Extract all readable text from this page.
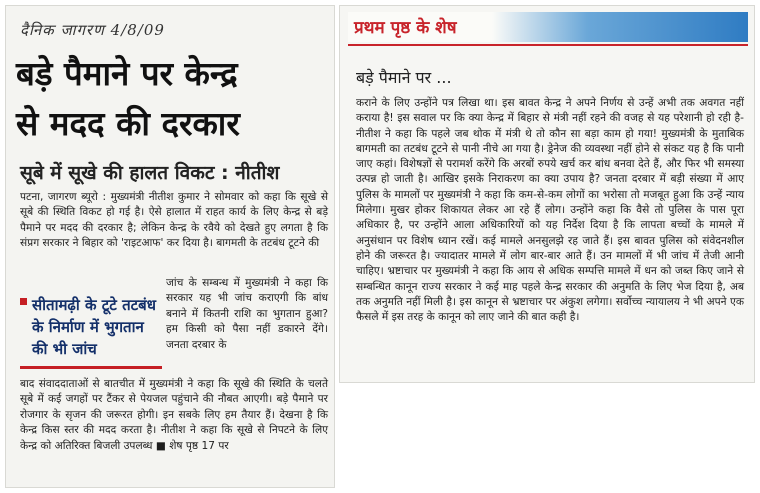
दैनिक जागरण 4/8/09
बड़े पैमाने पर केन्द्र
से मदद की दरकार
सूबे में सूखे की हालत विकट : नीतीश
पटना, जागरण ब्यूरो : मुख्यमंत्री नीतीश कुमार ने सोमवार को कहा कि सूखे से सूबे की स्थिति विकट हो गई है। ऐसे हालात में राहत कार्य के लिए केन्द्र से बड़े पैमाने पर मदद की दरकार है; लेकिन केन्द्र के रवैये को देखते हुए लगता है कि संप्रग सरकार ने बिहार को 'राइटआफ' कर दिया है। बागमती के तटबंध टूटने की
सीतामढ़ी के टूटे तटबंध के निर्माण में भुगतान की भी जांच
जांच के सम्बन्ध में मुख्यमंत्री ने कहा कि सरकार यह भी जांच कराएगी कि बांध बनाने में कितनी राशि का भुगतान हुआ? हम किसी को पैसा नहीं डकारने देंगे। जनता दरबार के
बाद संवाददाताओं से बातचीत में मुख्यमंत्री ने कहा कि सूखे की स्थिति के चलते सूबे में कई जगहों पर टैंकर से पेयजल पहुंचाने की नौबत आएगी। बड़े पैमाने पर रोजगार के सृजन की जरूरत होगी। इन सबके लिए हम तैयार हैं। देखना है कि केन्द्र किस स्तर की मदद करता है। नीतीश ने कहा कि सूखे से निपटने के लिए केन्द्र को अतिरिक्त बिजली उपलब्ध ■ शेष पृष्ठ 17 पर
प्रथम पृष्ठ के शेष
बड़े पैमाने पर ...
कराने के लिए उन्होंने पत्र लिखा था। इस बावत केन्द्र ने अपने निर्णय से उन्हें अभी तक अवगत नहीं कराया है! इस सवाल पर कि क्या केन्द्र में बिहार से मंत्री नहीं रहने की वजह से यह परेशानी हो रही है-नीतीश ने कहा कि पहले जब थोक में मंत्री थे तो कौन सा बड़ा काम हो गया! मुख्यमंत्री के मुताबिक बागमती का तटबंध टूटने से पानी नीचे आ गया है। ड्रेनेज की व्यवस्था नहीं होने से संकट यह है कि पानी जाए कहां। विशेषज्ञों से परामर्श करेंगे कि अरबों रुपये खर्च कर बांध बनवा देते हैं, और फिर भी समस्या उत्पन्न हो जाती है। आखिर इसके निराकरण का क्या उपाय है? जनता दरबार में बड़ी संख्या में आए पुलिस के मामलों पर मुख्यमंत्री ने कहा कि कम-से-कम लोगों का भरोसा तो मजबूत हुआ कि उन्हें न्याय मिलेगा। मुखर होकर शिकायत लेकर आ रहे हैं लोग। उन्होंने कहा कि वैसे तो पुलिस के पास पूरा अधिकार है, पर उन्होंने आला अधिकारियों को यह निर्देश दिया है कि लापता बच्चों के मामले में अनुसंधान पर विशेष ध्यान रखें। कई मामले अनसुलझे रह जाते हैं। इस बावत पुलिस को संवेदनशील होने की जरूरत है। ज्यादातर मामले में लोग बार-बार आते हैं। उन मामलों में भी जांच में तेजी आनी चाहिए। भ्रष्टाचार पर मुख्यमंत्री ने कहा कि आय से अधिक सम्पत्ति मामले में धन को जब्त किए जाने से सम्बन्धित कानून राज्य सरकार ने कई माह पहले केन्द्र सरकार की अनुमति के लिए भेज दिया है, अब तक अनुमति नहीं मिली है। इस कानून से भ्रष्टाचार पर अंकुश लगेगा। सर्वोच्च न्यायालय ने भी अपने एक फैसले में इस तरह के कानून को लाए जाने की बात कही है।
